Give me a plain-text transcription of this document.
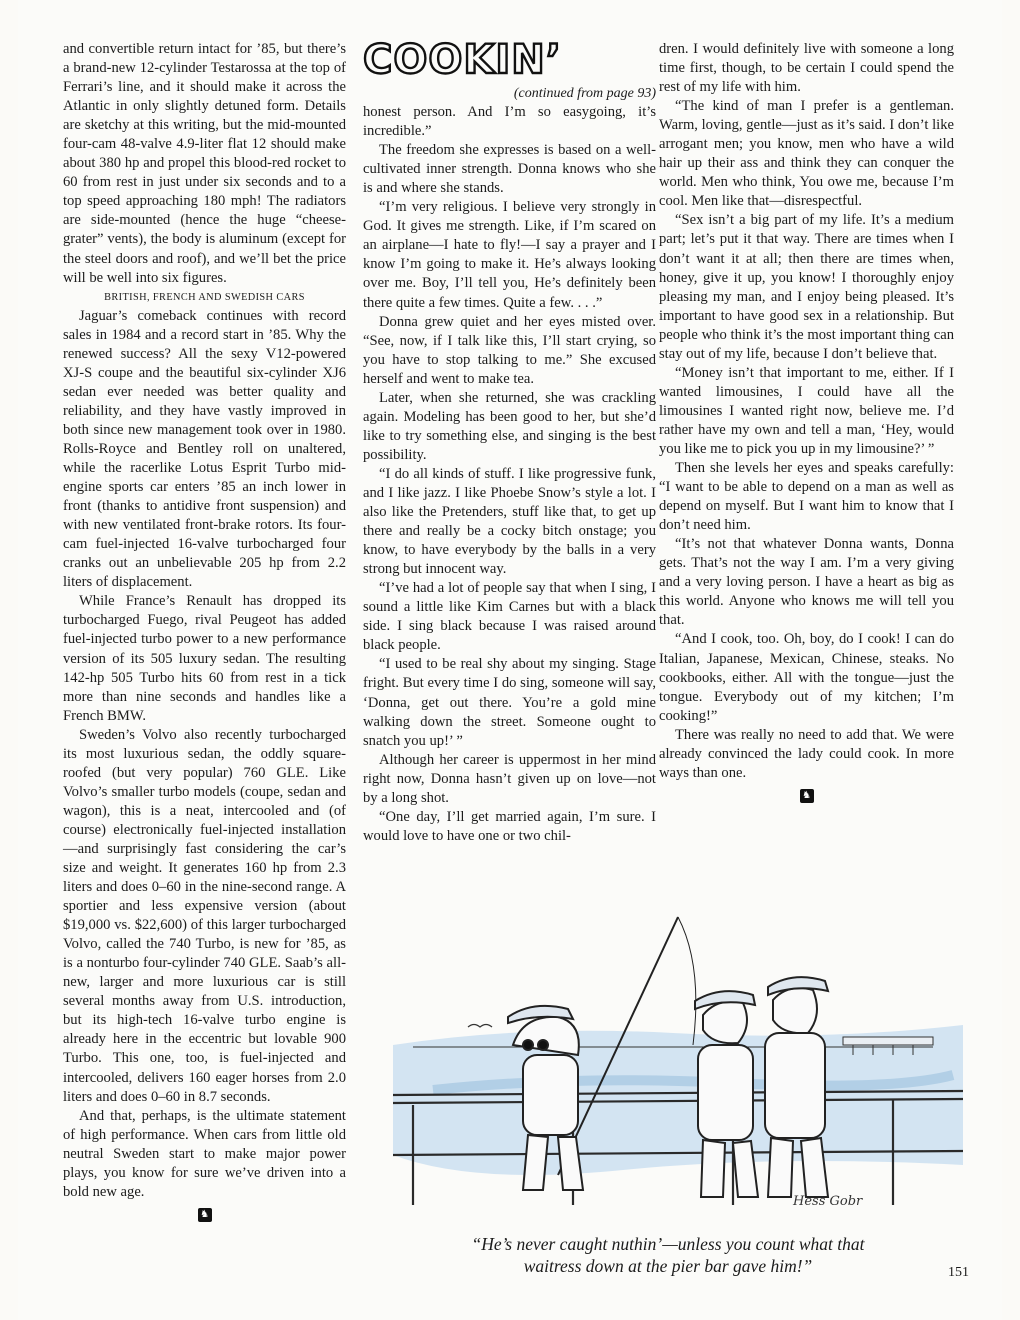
and convertible return intact for ’85, but there’s a brand-new 12-cylinder Testarossa at the top of Ferrari’s line, and it should make it across the Atlantic in only slightly detuned form. Details are sketchy at this writing, but the mid-mounted four-cam 48-valve 4.9-liter flat 12 should make about 380 hp and propel this blood-red rocket to 60 from rest in just under six seconds and to a top speed approaching 180 mph! The radiators are side-mounted (hence the huge “cheese-grater” vents), the body is aluminum (except for the steel doors and roof), and we’ll bet the price will be well into six figures.

BRITISH, FRENCH AND SWEDISH CARS

Jaguar’s comeback continues with record sales in 1984 and a record start in ’85. Why the renewed success? All the sexy V12-powered XJ-S coupe and the beautiful six-cylinder XJ6 sedan ever needed was better quality and reliability, and they have vastly improved in both since new management took over in 1980. Rolls-Royce and Bentley roll on unaltered, while the racerlike Lotus Esprit Turbo mid-engine sports car enters ’85 an inch lower in front (thanks to antidive front suspension) and with new ventilated front-brake rotors. Its four-cam fuel-injected 16-valve turbocharged four cranks out an unbelievable 205 hp from 2.2 liters of displacement.

While France’s Renault has dropped its turbocharged Fuego, rival Peugeot has added fuel-injected turbo power to a new performance version of its 505 luxury sedan. The resulting 142-hp 505 Turbo hits 60 from rest in a tick more than nine seconds and handles like a French BMW.

Sweden’s Volvo also recently turbocharged its most luxurious sedan, the oddly square-roofed (but very popular) 760 GLE. Like Volvo’s smaller turbo models (coupe, sedan and wagon), this is a neat, intercooled and (of course) electronically fuel-injected installation—and surprisingly fast considering the car’s size and weight. It generates 160 hp from 2.3 liters and does 0–60 in the nine-second range. A sportier and less expensive version (about $19,000 vs. $22,600) of this larger turbocharged Volvo, called the 740 Turbo, is new for ’85, as is a nonturbo four-cylinder 740 GLE. Saab’s all-new, larger and more luxurious car is still several months away from U.S. introduction, but its high-tech 16-valve turbo engine is already here in the eccentric but lovable 900 Turbo. This one, too, is fuel-injected and intercooled, delivers 160 eager horses from 2.0 liters and does 0–60 in 8.7 seconds.

And that, perhaps, is the ultimate statement of high performance. When cars from little old neutral Sweden start to make major power plays, you know for sure we’ve driven into a bold new age.

♞
COOKIN’

(continued from page 93)

honest person. And I’m so easygoing, it’s incredible.”

The freedom she expresses is based on a well-cultivated inner strength. Donna knows who she is and where she stands.

“I’m very religious. I believe very strongly in God. It gives me strength. Like, if I’m scared on an airplane—I hate to fly!—I say a prayer and I know I’m going to make it. He’s always looking over me. Boy, I’ll tell you, He’s definitely been there quite a few times. Quite a few. . . .”

Donna grew quiet and her eyes misted over. “See, now, if I talk like this, I’ll start crying, so you have to stop talking to me.” She excused herself and went to make tea.

Later, when she returned, she was crackling again. Modeling has been good to her, but she’d like to try something else, and singing is the best possibility.

“I do all kinds of stuff. I like progressive funk, and I like jazz. I like Phoebe Snow’s style a lot. I also like the Pretenders, stuff like that, to get up there and really be a cocky bitch onstage; you know, to have everybody by the balls in a very strong but innocent way.

“I’ve had a lot of people say that when I sing, I sound a little like Kim Carnes but with a black side. I sing black because I was raised around black people.

“I used to be real shy about my singing. Stage fright. But every time I do sing, someone will say, ‘Donna, get out there. You’re a gold mine walking down the street. Someone ought to snatch you up!’ ”

Although her career is uppermost in her mind right now, Donna hasn’t given up on love—not by a long shot.

“One day, I’ll get married again, I’m sure. I would love to have one or two chil-

dren. I would definitely live with someone a long time first, though, to be certain I could spend the rest of my life with him.

“The kind of man I prefer is a gentleman. Warm, loving, gentle—just as it’s said. I don’t like arrogant men; you know, men who have a wild hair up their ass and think they can conquer the world. Men who think, You owe me, because I’m cool. Men like that—disrespectful.

“Sex isn’t a big part of my life. It’s a medium part; let’s put it that way. There are times when I don’t want it at all; then there are times when, honey, give it up, you know! I thoroughly enjoy pleasing my man, and I enjoy being pleased. It’s important to have good sex in a relationship. But people who think it’s the most important thing can stay out of my life, because I don’t believe that.

“Money isn’t that important to me, either. If I wanted limousines, I could have all the limousines I wanted right now, believe me. I’d rather have my own and tell a man, ‘Hey, would you like me to pick you up in my limousine?’ ”

Then she levels her eyes and speaks carefully: “I want to be able to depend on a man as well as depend on myself. But I want him to know that I don’t need him.

“It’s not that whatever Donna wants, Donna gets. That’s not the way I am. I’m a very giving and a very loving person. I have a heart as big as this world. Anyone who knows me will tell you that.

“And I cook, too. Oh, boy, do I cook! I can do Italian, Japanese, Mexican, Chinese, steaks. No cookbooks, either. All with the tongue—just the tongue. Everybody out of my kitchen; I’m cooking!”

There was really no need to add that. We were already convinced the lady could cook. In more ways than one.

♞
Hess Gobr
“He’s never caught nuthin’—unless you count what that
waitress down at the pier bar gave him!”	151
